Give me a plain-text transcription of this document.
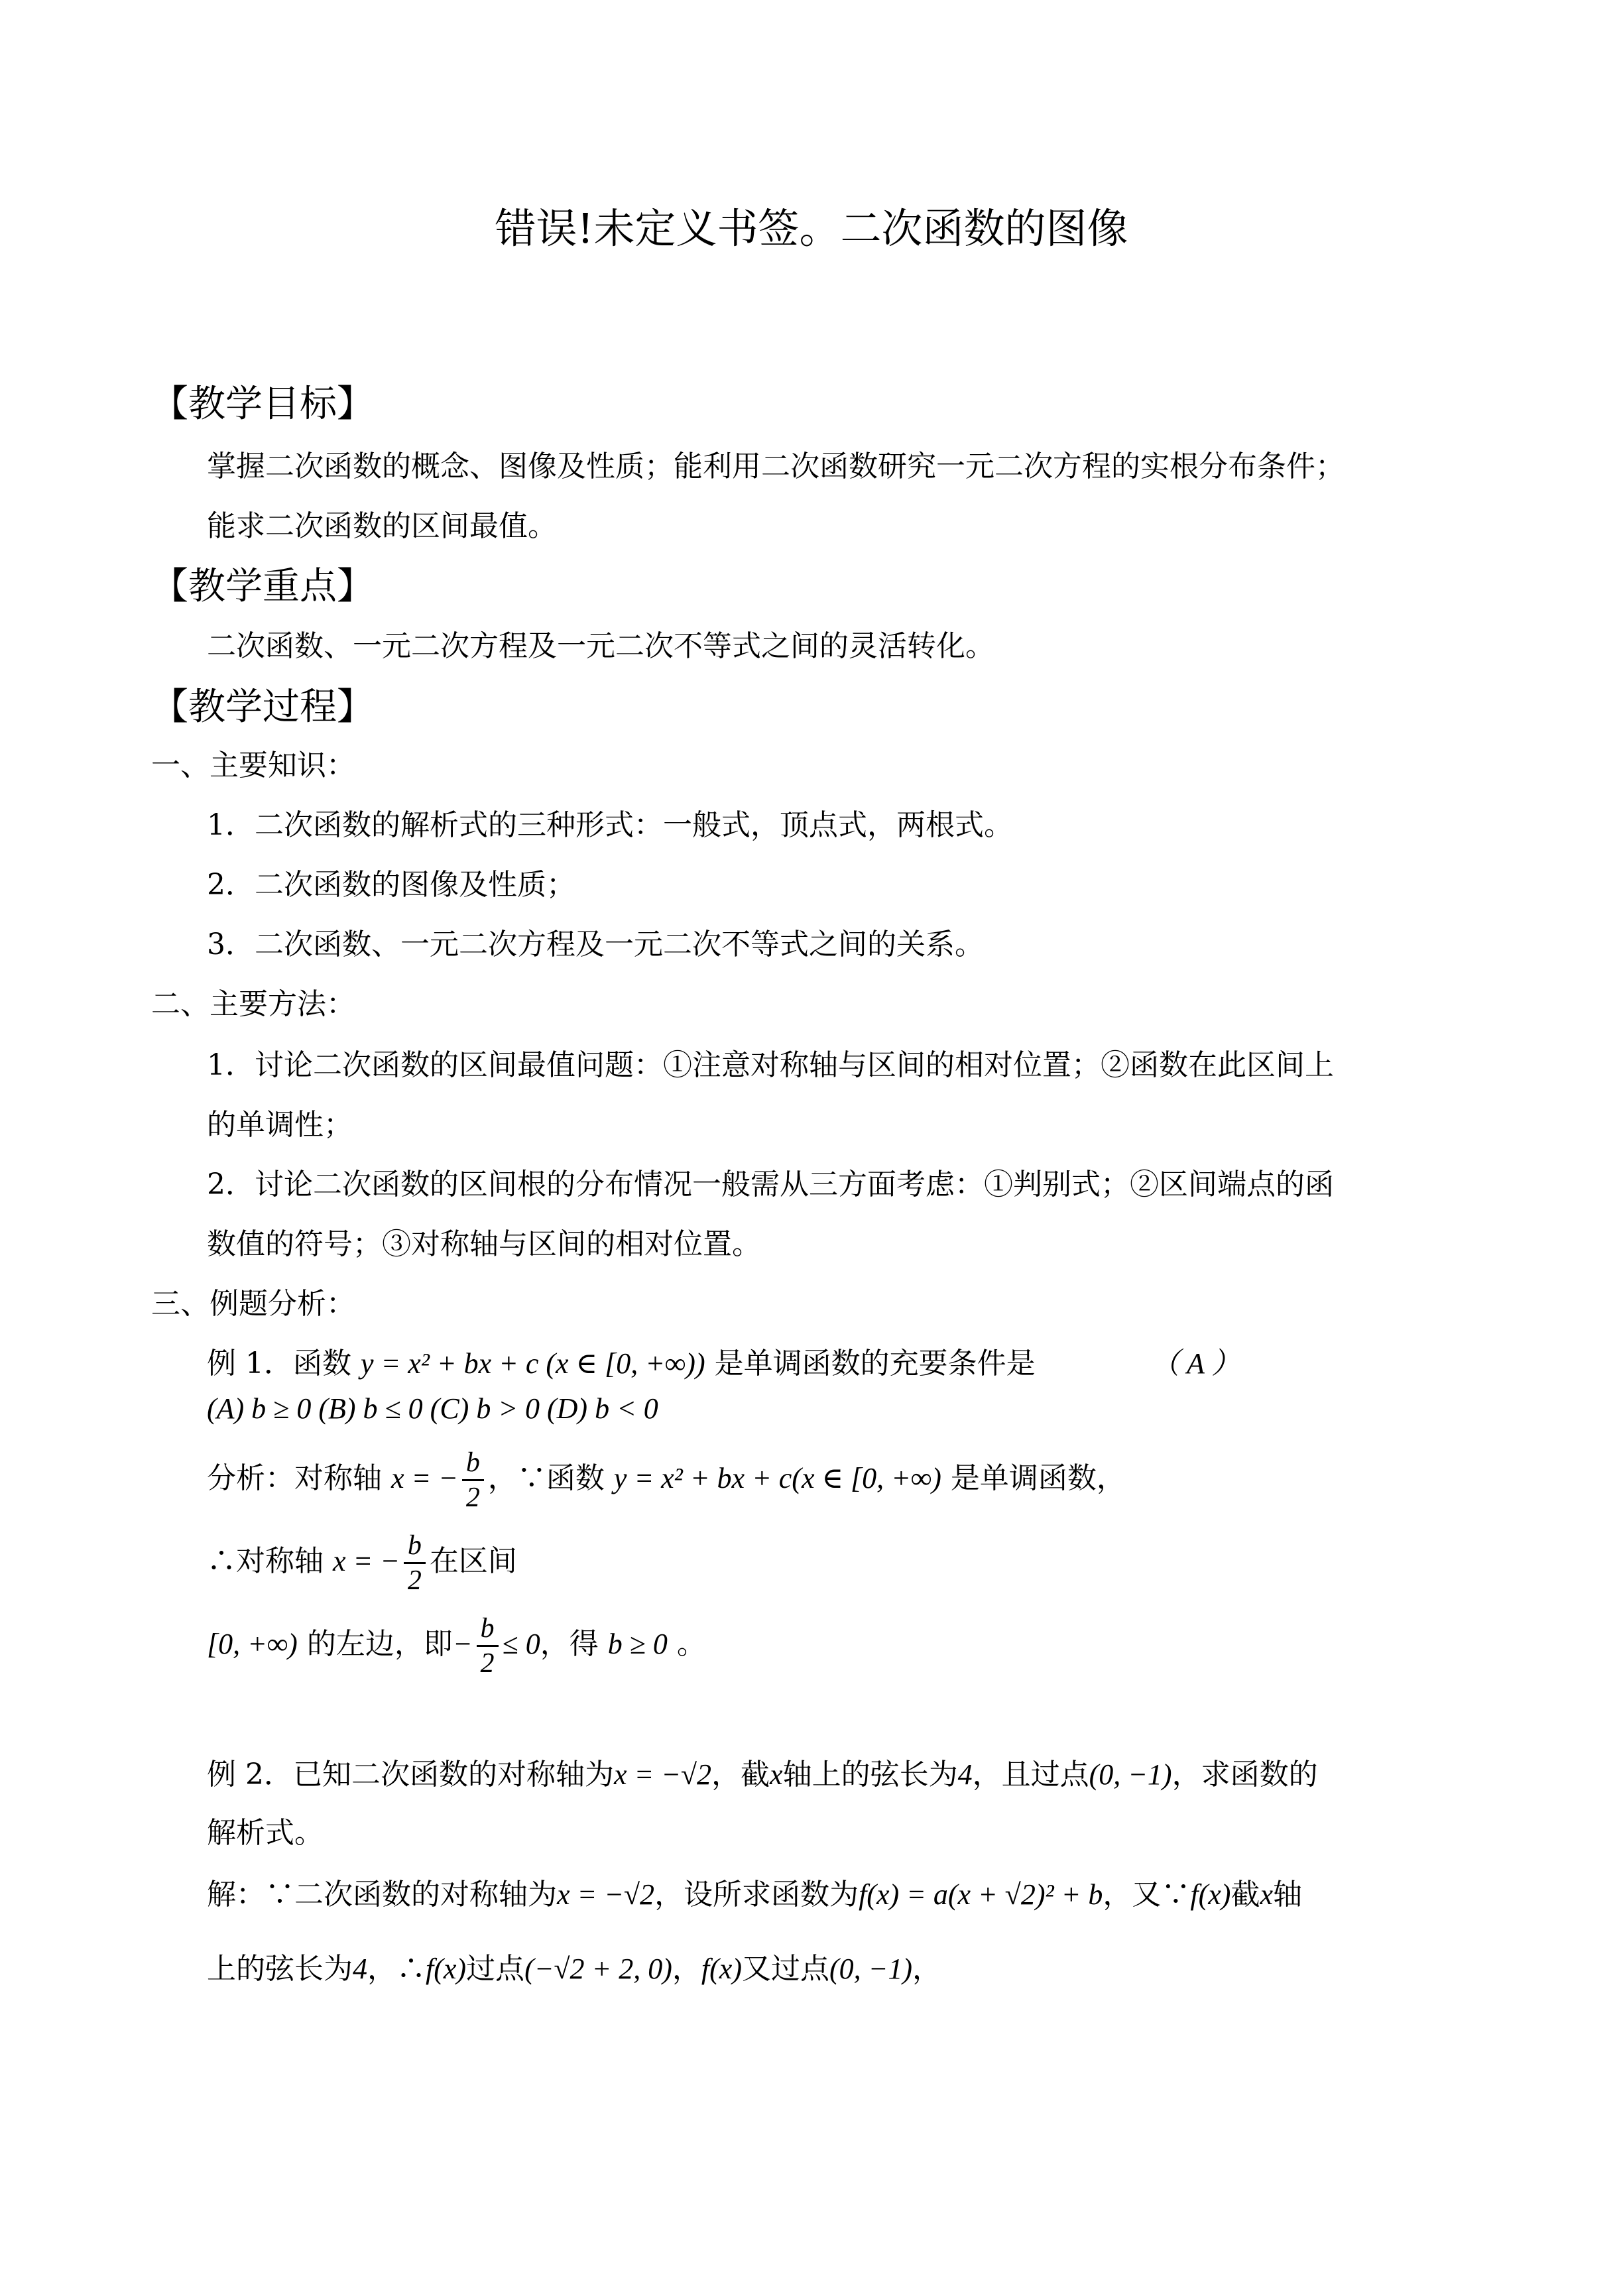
错误!未定义书签。二次函数的图像
【教学目标】
掌握二次函数的概念、图像及性质；能利用二次函数研究一元二次方程的实根分布条件；
能求二次函数的区间最值。
【教学重点】
二次函数、一元二次方程及一元二次不等式之间的灵活转化。
【教学过程】
一、主要知识：
1．二次函数的解析式的三种形式：一般式，顶点式，两根式。
2．二次函数的图像及性质；
3．二次函数、一元二次方程及一元二次不等式之间的关系。
二、主要方法：
1．讨论二次函数的区间最值问题：①注意对称轴与区间的相对位置；②函数在此区间上
的单调性；
2．讨论二次函数的区间根的分布情况一般需从三方面考虑：①判别式；②区间端点的函
数值的符号；③对称轴与区间的相对位置。
三、例题分析：
例 1．函数 y = x² + bx + c (x ∈ [0, +∞)) 是单调函数的充要条件是	（ A ）
(A) b ≥ 0 (B) b ≤ 0 (C) b > 0 (D) b < 0
分析：对称轴 x = − $\frac{b}{2}$ ，∵函数 y = x² + bx + c(x ∈ [0, +∞) 是单调函数，
∴对称轴 x = − $\frac{b}{2}$ 在区间
[0, +∞) 的左边，即− $\frac{b}{2} \le 0$，得 b ≥ 0 。
例 2．已知二次函数的对称轴为x = −√2，截x轴上的弦长为4，且过点(0, −1)，求函数的
解析式。
解：∵二次函数的对称轴为x = −√2，设所求函数为f(x) = a(x + √2)² + b，又∵f(x)截x轴
上的弦长为4，∴f(x)过点(−√2 + 2, 0)，f(x)又过点(0, −1)，
